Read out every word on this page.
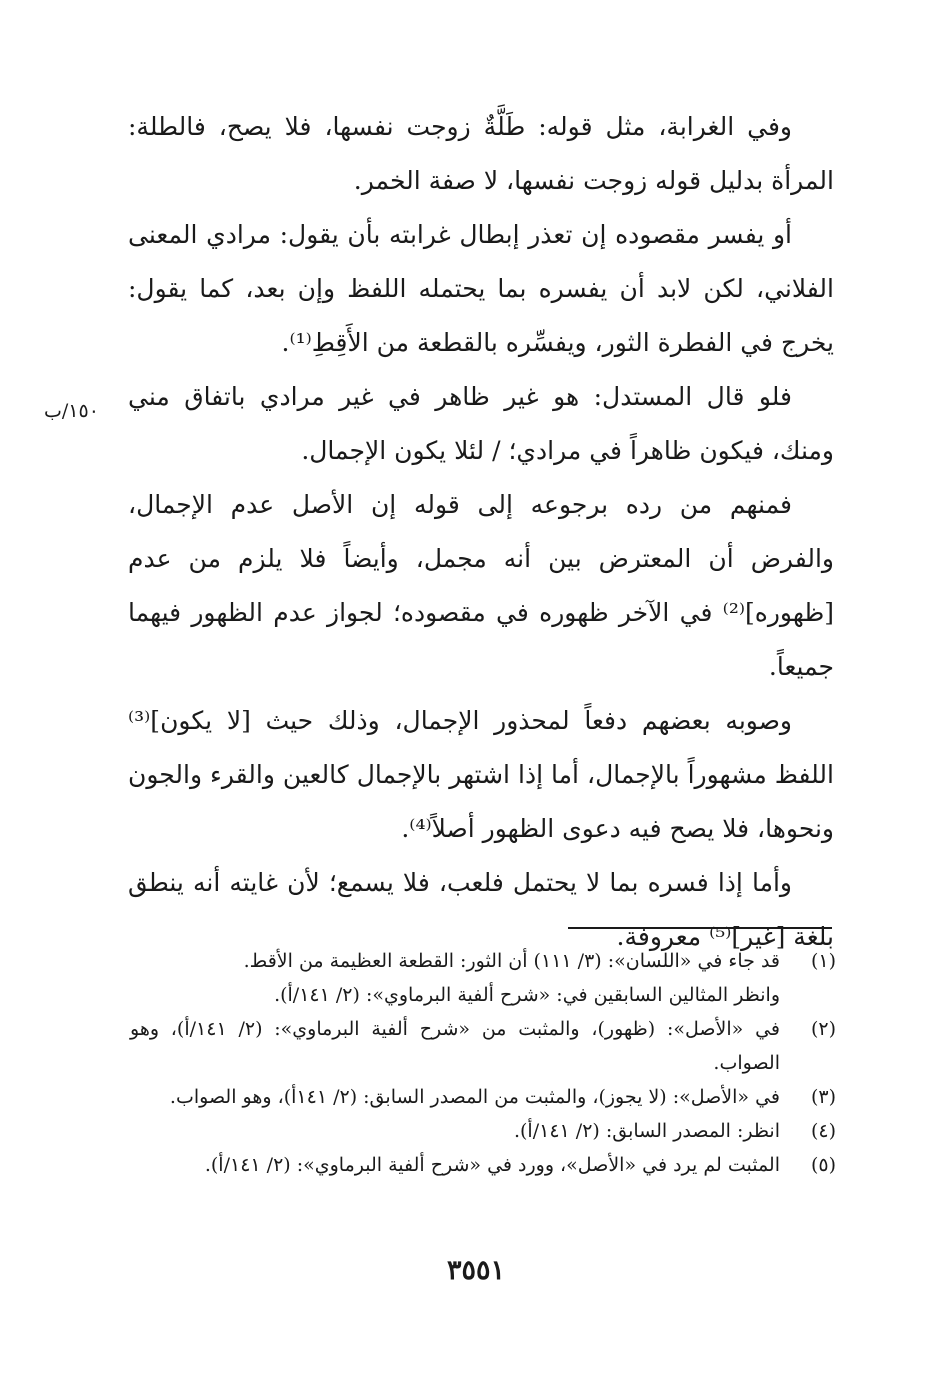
وفي الغرابة، مثل قوله: طَلَّةٌ زوجت نفسها، فلا يصح، فالطلة: المرأة بدليل قوله زوجت نفسها، لا صفة الخمر.

أو يفسر مقصوده إن تعذر إبطال غرابته بأن يقول: مرادي المعنى الفلاني، لكن لابد أن يفسره بما يحتمله اللفظ وإن بعد، كما يقول: يخرج في الفطرة الثور، ويفسِّره بالقطعة من الأَقِطِ⁽¹⁾.

فلو قال المستدل: هو غير ظاهر في غير مرادي باتفاق مني ومنك، فيكون ظاهراً في مرادي؛ / لئلا يكون الإجمال.

فمنهم من رده برجوعه إلى قوله إن الأصل عدم الإجمال، والفرض أن المعترض بين أنه مجمل، وأيضاً فلا يلزم من عدم [ظهوره]⁽²⁾ في الآخر ظهوره في مقصوده؛ لجواز عدم الظهور فيهما جميعاً.

وصوبه بعضهم دفعاً لمحذور الإجمال، وذلك حيث [لا يكون]⁽³⁾ اللفظ مشهوراً بالإجمال، أما إذا اشتهر بالإجمال كالعين والقرء والجون ونحوها، فلا يصح فيه دعوى الظهور أصلاً⁽⁴⁾.

وأما إذا فسره بما لا يحتمل فلعب، فلا يسمع؛ لأن غايته أنه ينطق بلغة [غير]⁽⁵⁾ معروفة.

١٥٠/ب
(١)
قد جاء في «اللسان»: (٣/ ١١١) أن الثور: القطعة العظيمة من الأقط.
وانظر المثالين السابقين في: «شرح ألفية البرماوي»: (٢/ ١٤١/أ).
(٢)
في «الأصل»: (ظهور)، والمثبت من «شرح ألفية البرماوي»: (٢/ ١٤١/أ)، وهو الصواب.
(٣)
في «الأصل»: (لا يجوز)، والمثبت من المصدر السابق: (٢/ ١٤١أ)، وهو الصواب.
(٤)
انظر: المصدر السابق: (٢/ ١٤١/أ).
(٥)
المثبت لم يرد في «الأصل»، وورد في «شرح ألفية البرماوي»: (٢/ ١٤١/أ).
٣٥٥١
